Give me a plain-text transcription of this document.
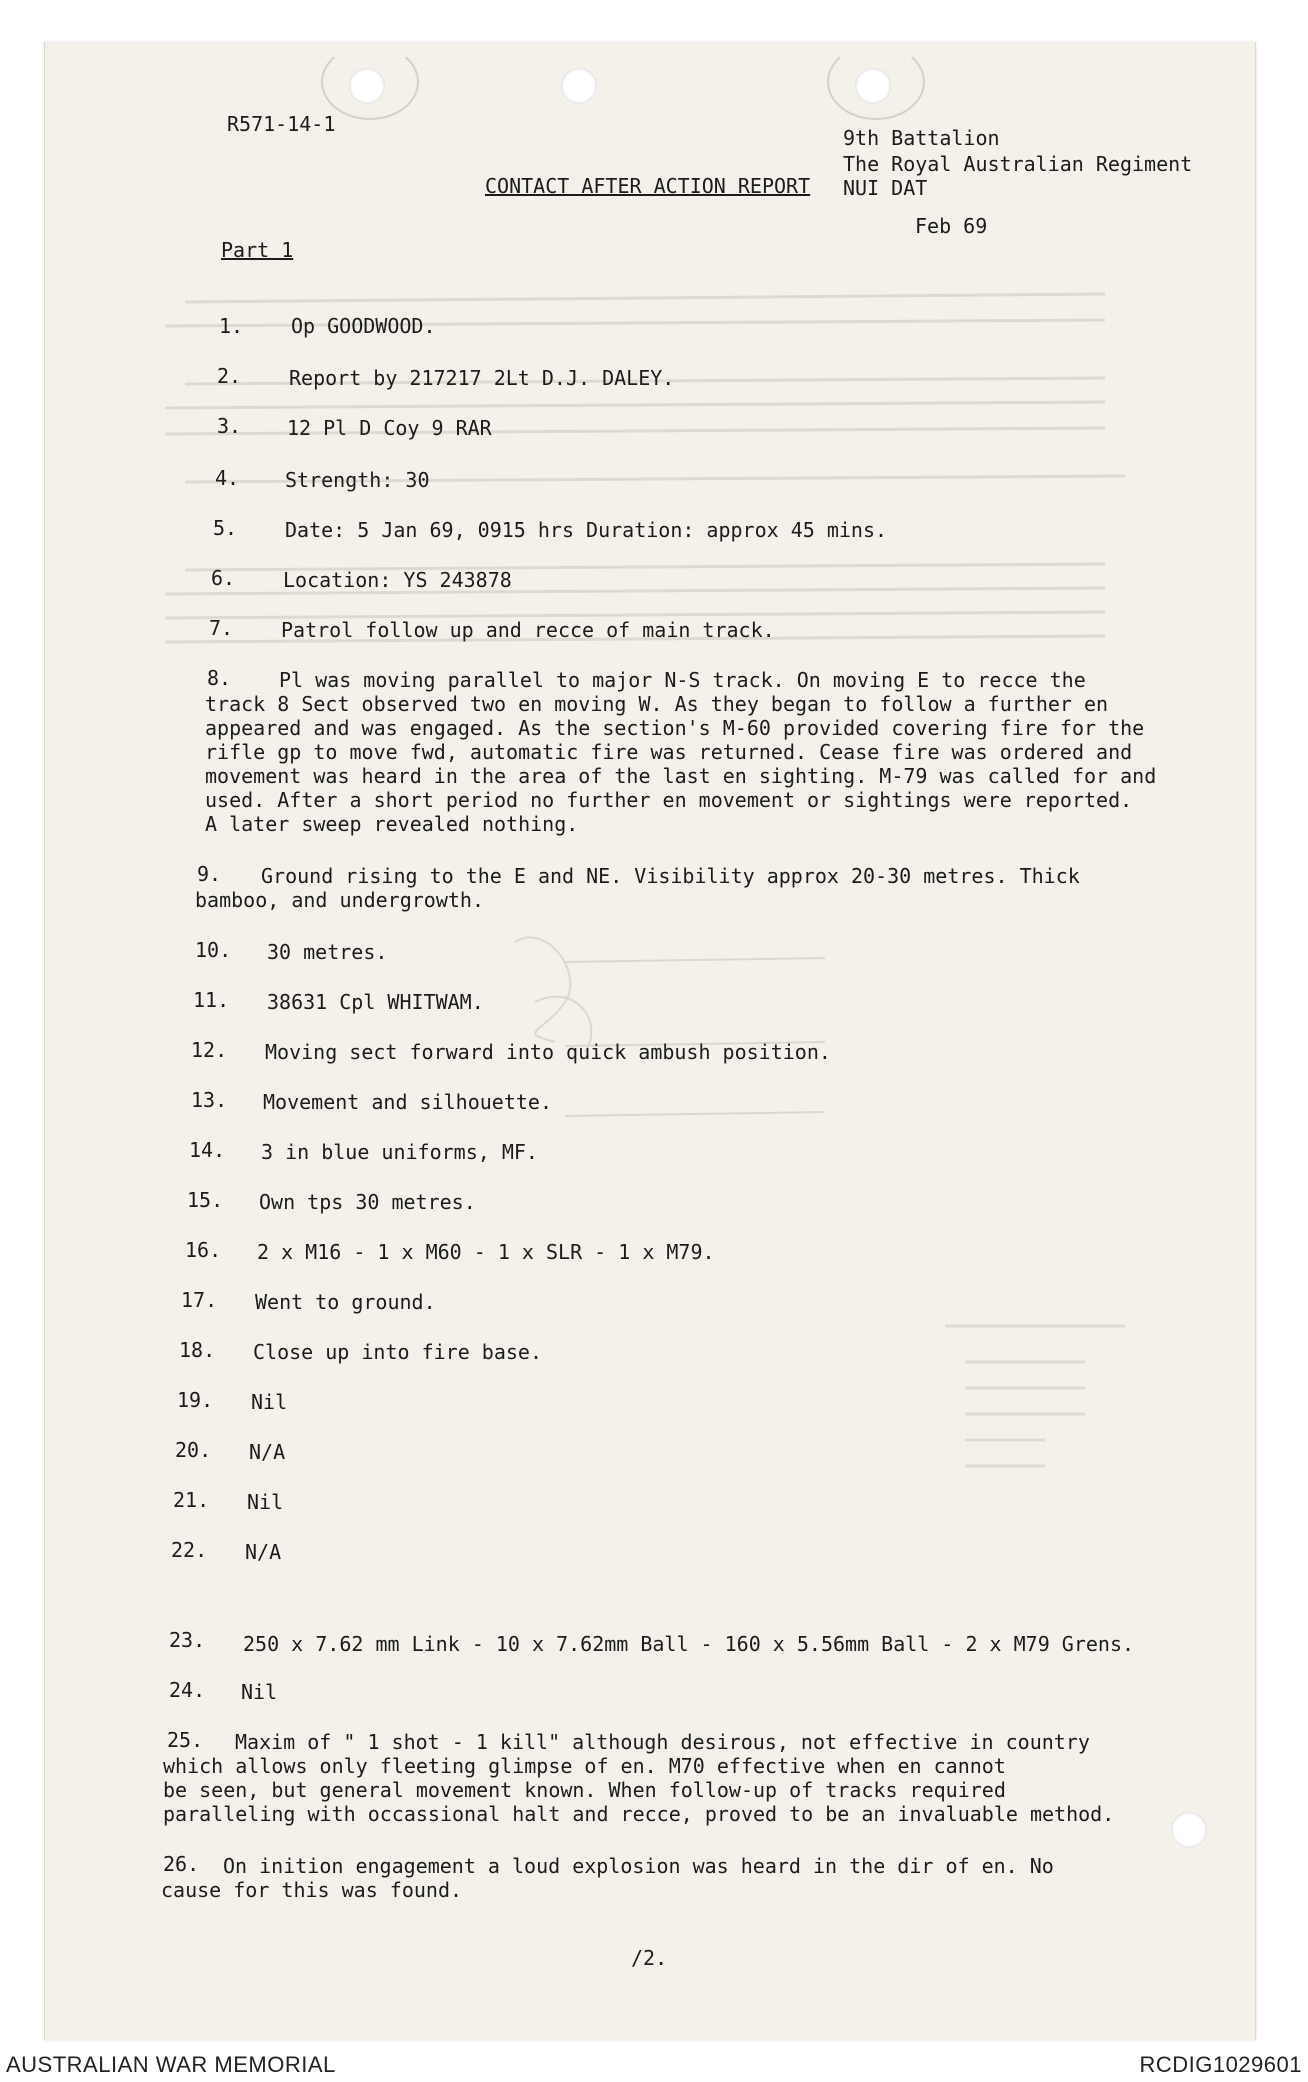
R571-14-1
9th Battalion
The Royal Australian Regiment
NUI DAT
CONTACT AFTER ACTION REPORT
Feb 69
Part 1
1. Op GOODWOOD.
2. Report by 217217 2Lt D.J. DALEY.
3. 12 Pl D Coy 9 RAR
4. Strength: 30
5. Date: 5 Jan 69, 0915 hrs Duration: approx 45 mins.
6. Location: YS 243878
7. Patrol follow up and recce of main track.
8.	Pl was moving parallel to major N-S track. On moving E to recce the
track 8 Sect observed two en moving W. As they began to follow a further en
appeared and was engaged. As the section's M-60 provided covering fire for the
rifle gp to move fwd, automatic fire was returned. Cease fire was ordered and
movement was heard in the area of the last en sighting. M-79 was called for and
used. After a short period no further en movement or sightings were reported.
A later sweep revealed nothing.
9.	Ground rising to the E and NE. Visibility approx 20-30 metres. Thick
bamboo, and undergrowth.
10. 30 metres.
11. 38631 Cpl WHITWAM.
12. Moving sect forward into quick ambush position.
13. Movement and silhouette.
14. 3 in blue uniforms, MF.
15. Own tps 30 metres.
16. 2 x M16 - 1 x M60 - 1 x SLR - 1 x M79.
17. Went to ground.
18. Close up into fire base.
19. Nil
20. N/A
21. Nil
22. N/A
23. 250 x 7.62 mm Link - 10 x 7.62mm Ball - 160 x 5.56mm Ball - 2 x M79 Grens.
24. Nil
25.	Maxim of " 1 shot - 1 kill" although desirous, not effective in country
which allows only fleeting glimpse of en. M70 effective when en cannot
be seen, but general movement known. When follow-up of tracks required
paralleling with occassional halt and recce, proved to be an invaluable method.
26.	On inition engagement a loud explosion was heard in the dir of en. No
cause for this was found.
/2.
AUSTRALIAN WAR MEMORIAL	RCDIG1029601
